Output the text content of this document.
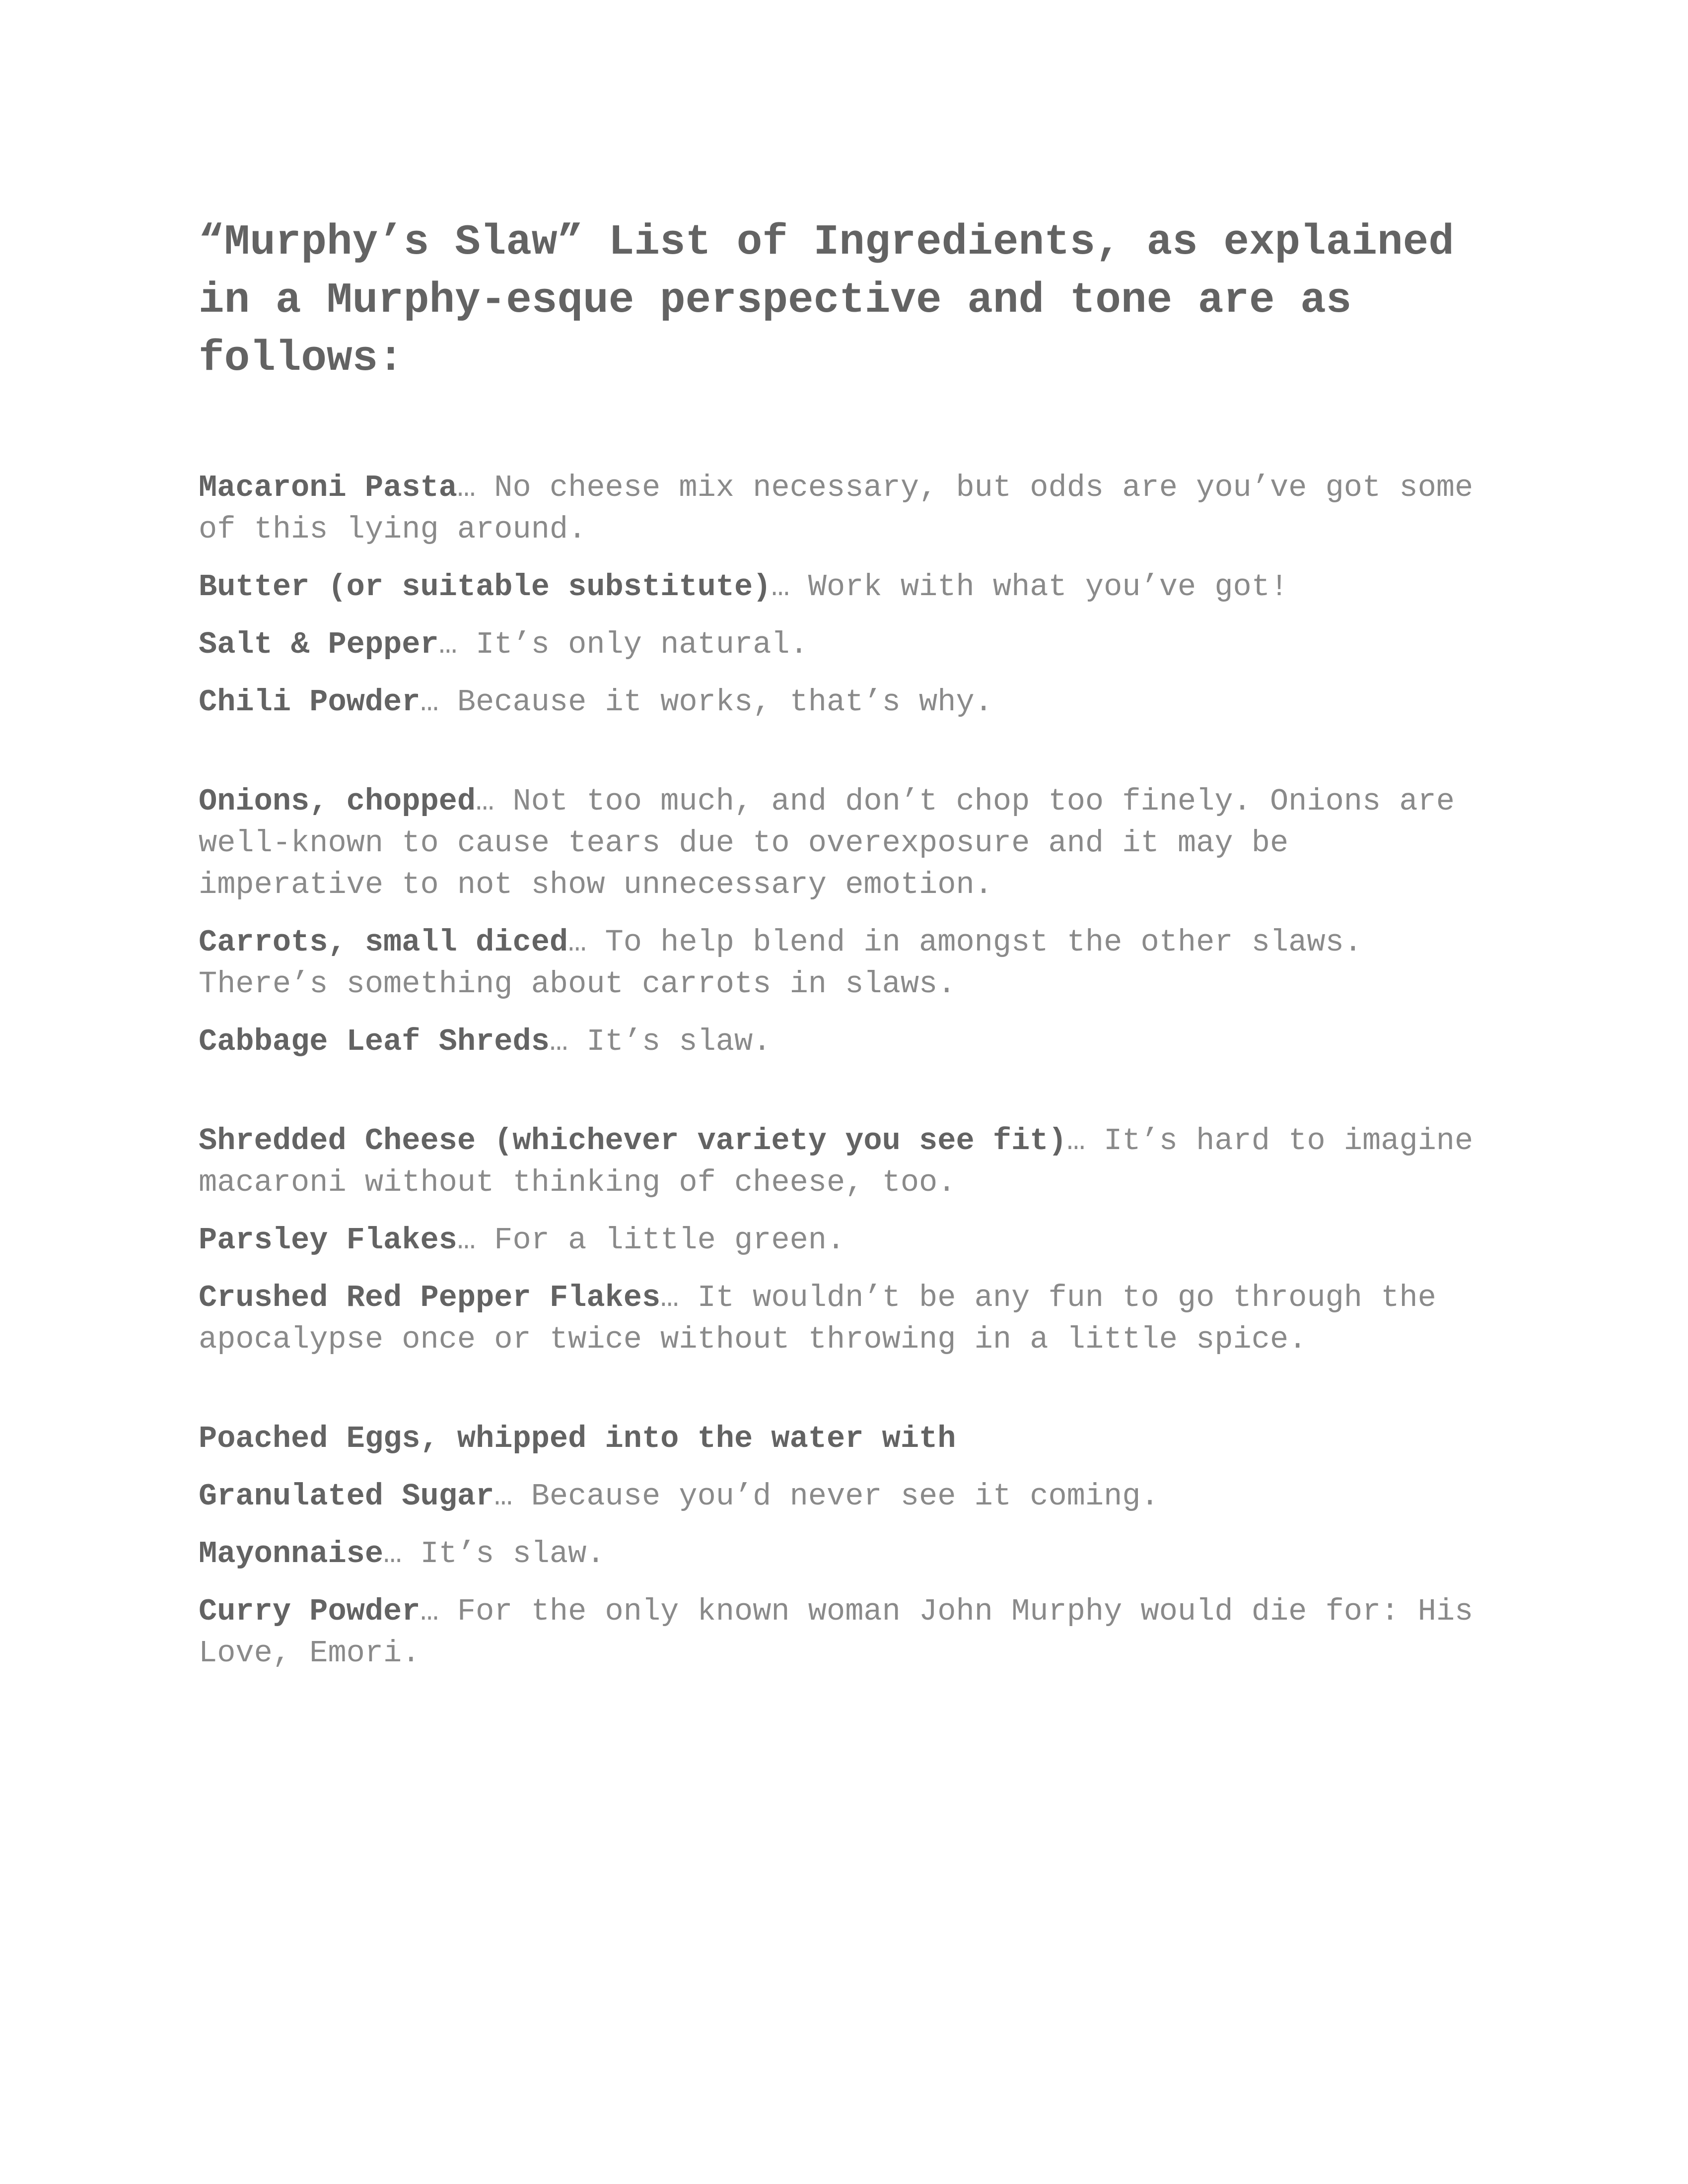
“Murphy’s Slaw” List of Ingredients, as explained in a Murphy-esque perspective and tone are as follows:

Macaroni Pasta… No cheese mix necessary, but odds are you’ve got some of this lying around.

Butter (or suitable substitute)… Work with what you’ve got!

Salt & Pepper… It’s only natural.

Chili Powder… Because it works, that’s why.

Onions, chopped… Not too much, and don’t chop too finely. Onions are well-known to cause tears due to overexposure and it may be imperative to not show unnecessary emotion.

Carrots, small diced… To help blend in amongst the other slaws. There’s something about carrots in slaws.

Cabbage Leaf Shreds… It’s slaw.

Shredded Cheese (whichever variety you see fit)… It’s hard to imagine macaroni without thinking of cheese, too.

Parsley Flakes… For a little green.

Crushed Red Pepper Flakes… It wouldn’t be any fun to go through the apocalypse once or twice without throwing in a little spice.

Poached Eggs, whipped into the water with

Granulated Sugar… Because you’d never see it coming.

Mayonnaise… It’s slaw.

Curry Powder… For the only known woman John Murphy would die for: His Love, Emori.
